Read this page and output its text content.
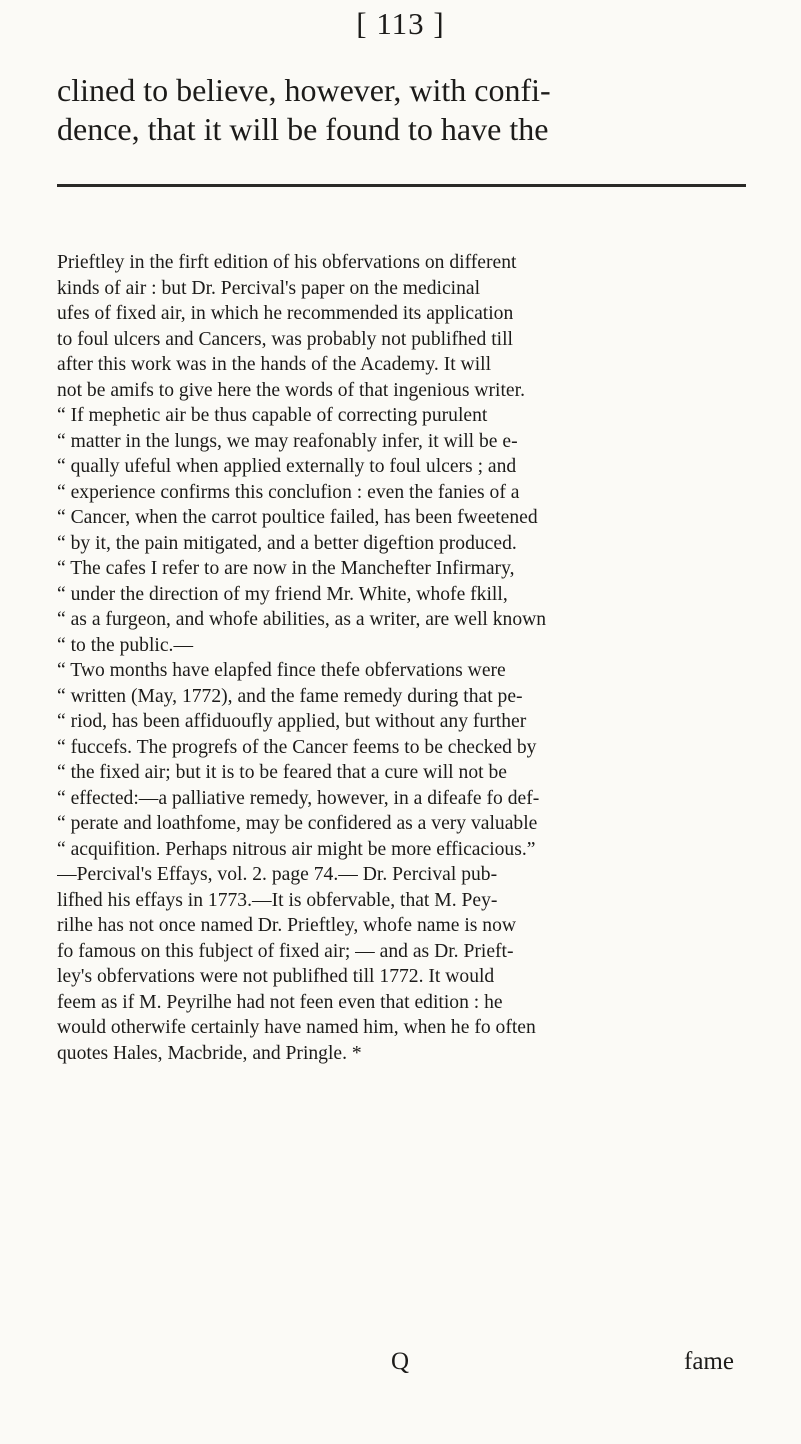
[ 113 ]
clined to believe, however, with confi-
dence, that it will be found to have the
Prieftley in the firft edition of his obfervations on different
kinds of air : but Dr. Percival's paper on the medicinal
ufes of fixed air, in which he recommended its application
to foul ulcers and Cancers, was probably not publifhed till
after this work was in the hands of the Academy. It will
not be amifs to give here the words of that ingenious writer.
“ If mephetic air be thus capable of correcting purulent
“ matter in the lungs, we may reafonably infer, it will be e-
“ qually ufeful when applied externally to foul ulcers ; and
“ experience confirms this conclufion : even the fanies of a
“ Cancer, when the carrot poultice failed, has been fweetened
“ by it, the pain mitigated, and a better digeftion produced.
“ The cafes I refer to are now in the Manchefter Infirmary,
“ under the direction of my friend Mr. White, whofe fkill,
“ as a furgeon, and whofe abilities, as a writer, are well known
“ to the public.—
“ Two months have elapfed fince thefe obfervations were
“ written (May, 1772), and the fame remedy during that pe-
“ riod, has been affiduoufly applied, but without any further
“ fuccefs. The progrefs of the Cancer feems to be checked by
“ the fixed air; but it is to be feared that a cure will not be
“ effected:—a palliative remedy, however, in a difeafe fo def-
“ perate and loathfome, may be confidered as a very valuable
“ acquifition. Perhaps nitrous air might be more efficacious.”
—Percival's Effays, vol. 2. page 74.— Dr. Percival pub-
lifhed his effays in 1773.—It is obfervable, that M. Pey-
rilhe has not once named Dr. Prieftley, whofe name is now
fo famous on this fubject of fixed air; — and as Dr. Prieft-
ley's obfervations were not publifhed till 1772. It would
feem as if M. Peyrilhe had not feen even that edition : he
would otherwife certainly have named him, when he fo often
quotes Hales, Macbride, and Pringle. *
Q	fame
